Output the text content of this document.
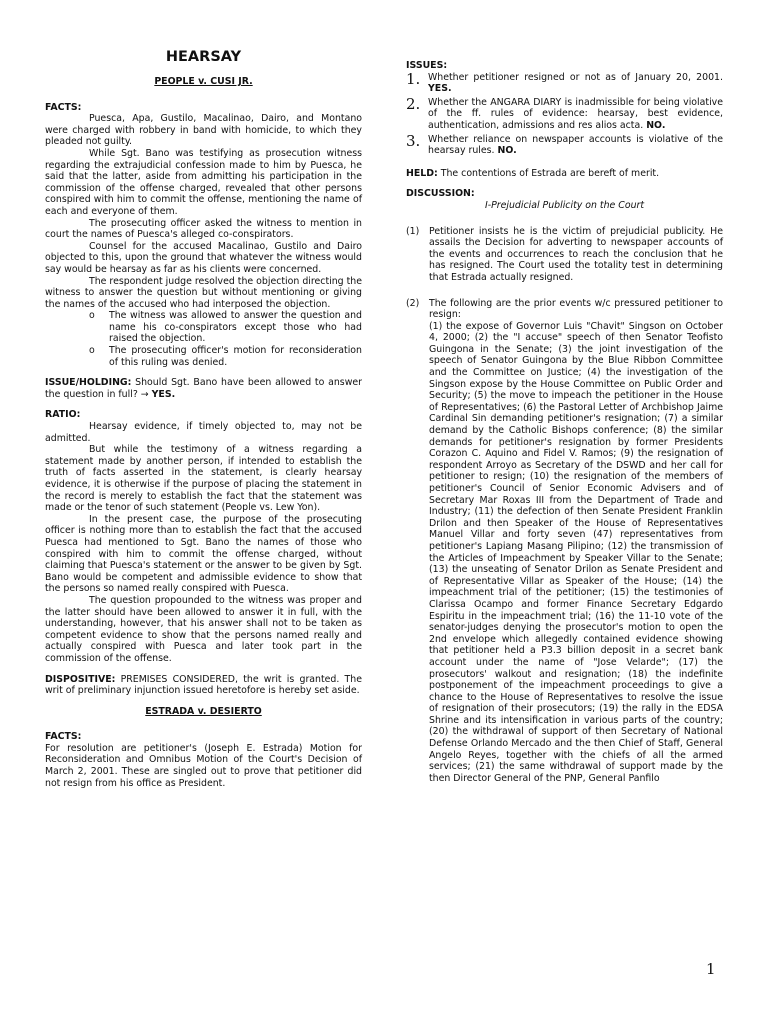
HEARSAY

PEOPLE v. CUSI JR.

FACTS:

Puesca, Apa, Gustilo, Macalinao, Dairo, and Montano were charged with robbery in band with homicide, to which they pleaded not guilty.

While Sgt. Bano was testifying as prosecution witness regarding the extrajudicial confession made to him by Puesca, he said that the latter, aside from admitting his participation in the commission of the offense charged, revealed that other persons conspired with him to commit the offense, mentioning the name of each and everyone of them.

The prosecuting officer asked the witness to mention in court the names of Puesca's alleged co-conspirators.

Counsel for the accused Macalinao, Gustilo and Dairo objected to this, upon the ground that whatever the witness would say would be hearsay as far as his clients were concerned.

The respondent judge resolved the objection directing the witness to answer the question but without mentioning or giving the names of the accused who had interposed the objection.

o	The witness was allowed to answer the question and name his co-conspirators except those who had raised the objection.

o	The prosecuting officer's motion for reconsideration of this ruling was denied.

ISSUE/HOLDING: Should Sgt. Bano have been allowed to answer the question in full? → YES.

RATIO:

Hearsay evidence, if timely objected to, may not be admitted.

But while the testimony of a witness regarding a statement made by another person, if intended to establish the truth of facts asserted in the statement, is clearly hearsay evidence, it is otherwise if the purpose of placing the statement in the record is merely to establish the fact that the statement was made or the tenor of such statement (People vs. Lew Yon).

In the present case, the purpose of the prosecuting officer is nothing more than to establish the fact that the accused Puesca had mentioned to Sgt. Bano the names of those who conspired with him to commit the offense charged, without claiming that Puesca's statement or the answer to be given by Sgt. Bano would be competent and admissible evidence to show that the persons so named really conspired with Puesca.

The question propounded to the witness was proper and the latter should have been allowed to answer it in full, with the understanding, however, that his answer shall not to be taken as competent evidence to show that the persons named really and actually conspired with Puesca and later took part in the commission of the offense.

DISPOSITIVE: PREMISES CONSIDERED, the writ is granted. The writ of preliminary injunction issued heretofore is hereby set aside.

ESTRADA v. DESIERTO

FACTS:

For resolution are petitioner's (Joseph E. Estrada) Motion for Reconsideration and Omnibus Motion of the Court's Decision of March 2, 2001. These are singled out to prove that petitioner did not resign from his office as President.

ISSUES:

1. Whether petitioner resigned or not as of January 20, 2001. YES.

2. Whether the ANGARA DIARY is inadmissible for being violative of the ff. rules of evidence: hearsay, best evidence, authentication, admissions and res alios acta. NO.

3. Whether reliance on newspaper accounts is violative of the hearsay rules. NO.

HELD: The contentions of Estrada are bereft of merit.

DISCUSSION:

I-Prejudicial Publicity on the Court

(1)	Petitioner insists he is the victim of prejudicial publicity. He assails the Decision for adverting to newspaper accounts of the events and occurrences to reach the conclusion that he has resigned. The Court used the totality test in determining that Estrada actually resigned.

(2)	The following are the prior events w/c pressured petitioner to resign:

(1) the expose of Governor Luis "Chavit" Singson on October 4, 2000; (2) the "I accuse" speech of then Senator Teofisto Guingona in the Senate; (3) the joint investigation of the speech of Senator Guingona by the Blue Ribbon Committee and the Committee on Justice; (4) the investigation of the Singson expose by the House Committee on Public Order and Security; (5) the move to impeach the petitioner in the House of Representatives; (6) the Pastoral Letter of Archbishop Jaime Cardinal Sin demanding petitioner's resignation; (7) a similar demand by the Catholic Bishops conference; (8) the similar demands for petitioner's resignation by former Presidents Corazon C. Aquino and Fidel V. Ramos; (9) the resignation of respondent Arroyo as Secretary of the DSWD and her call for petitioner to resign; (10) the resignation of the members of petitioner's Council of Senior Economic Advisers and of Secretary Mar Roxas III from the Department of Trade and Industry; (11) the defection of then Senate President Franklin Drilon and then Speaker of the House of Representatives Manuel Villar and forty seven (47) representatives from petitioner's Lapiang Masang Pilipino; (12) the transmission of the Articles of Impeachment by Speaker Villar to the Senate; (13) the unseating of Senator Drilon as Senate President and of Representative Villar as Speaker of the House; (14) the impeachment trial of the petitioner; (15) the testimonies of Clarissa Ocampo and former Finance Secretary Edgardo Espiritu in the impeachment trial; (16) the 11-10 vote of the senator-judges denying the prosecutor's motion to open the 2nd envelope which allegedly contained evidence showing that petitioner held a P3.3 billion deposit in a secret bank account under the name of "Jose Velarde"; (17) the prosecutors' walkout and resignation; (18) the indefinite postponement of the impeachment proceedings to give a chance to the House of Representatives to resolve the issue of resignation of their prosecutors; (19) the rally in the EDSA Shrine and its intensification in various parts of the country; (20) the withdrawal of support of then Secretary of National Defense Orlando Mercado and the then Chief of Staff, General Angelo Reyes, together with the chiefs of all the armed services; (21) the same withdrawal of support made by the then Director General of the PNP, General Panfilo

1
